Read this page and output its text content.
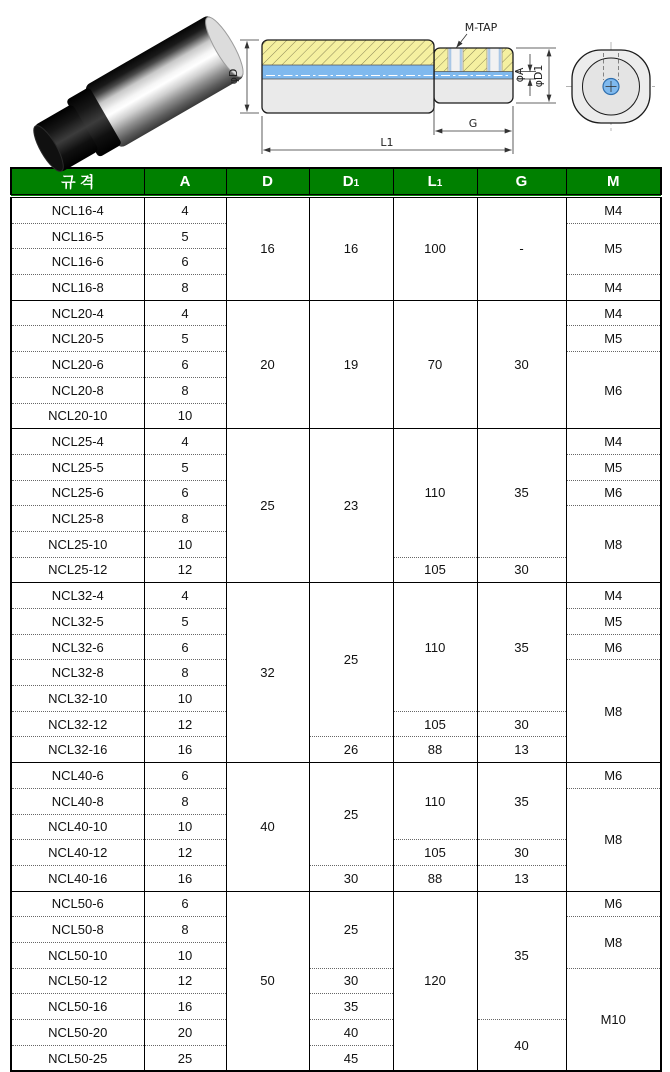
φD
L1
G
φA φD1
M-TAP
규 격	A	D	D1	L1	G	M
NCL16-4	4	16	16	100	-	M4
NCL16-5	5					M5
NCL16-6	6					
NCL16-8	8					M4
NCL20-4	4	20	19	70	30	M4
NCL20-5	5					M5
NCL20-6	6					M6
NCL20-8	8					
NCL20-10	10					
NCL25-4	4	25	23	110	35	M4
NCL25-5	5					M5
NCL25-6	6					M6
NCL25-8	8					M8
NCL25-10	10					
NCL25-12	12			105	30	
NCL32-4	4	32	25	110	35	M4
NCL32-5	5					M5
NCL32-6	6					M6
NCL32-8	8					M8
NCL32-10	10					
NCL32-12	12			105	30	
NCL32-16	16		26	88	13	
NCL40-6	6	40	25	110	35	M6
NCL40-8	8					M8
NCL40-10	10					
NCL40-12	12			105	30	
NCL40-16	16		30	88	13	
NCL50-6	6	50	25	120	35	M6
NCL50-8	8					M8
NCL50-10	10					
NCL50-12	12		30			M10
NCL50-16	16		35			
NCL50-20	20		40		40	
NCL50-25	25		45			
